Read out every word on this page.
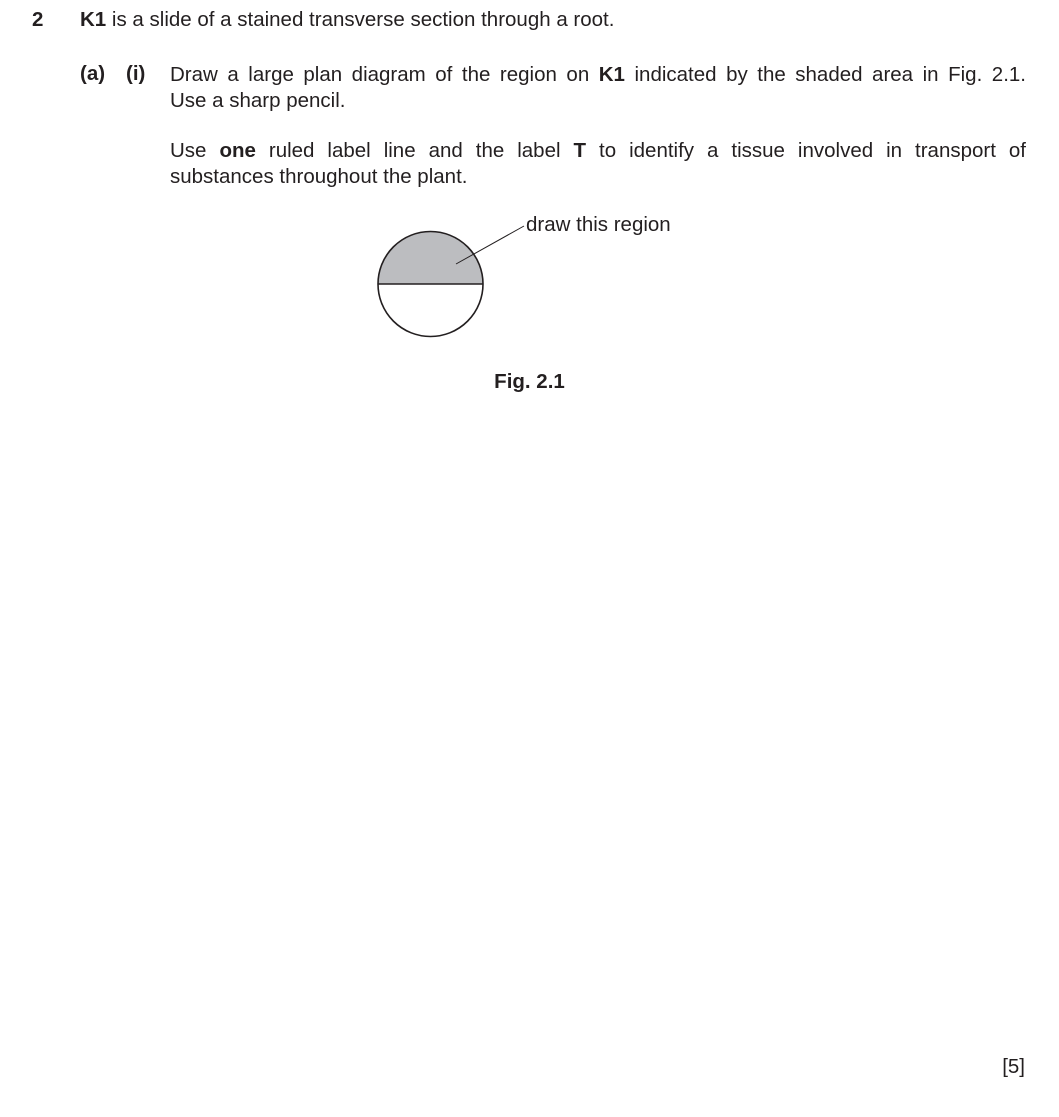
2 K1 is a slide of a stained transverse section through a root.
(a) (i) Draw a large plan diagram of the region on K1 indicated by the shaded area in Fig. 2.1.
Use a sharp pencil.
Use one ruled label line and the label T to identify a tissue involved in transport of
substances throughout the plant.
draw this region
Fig. 2.1
[5]
